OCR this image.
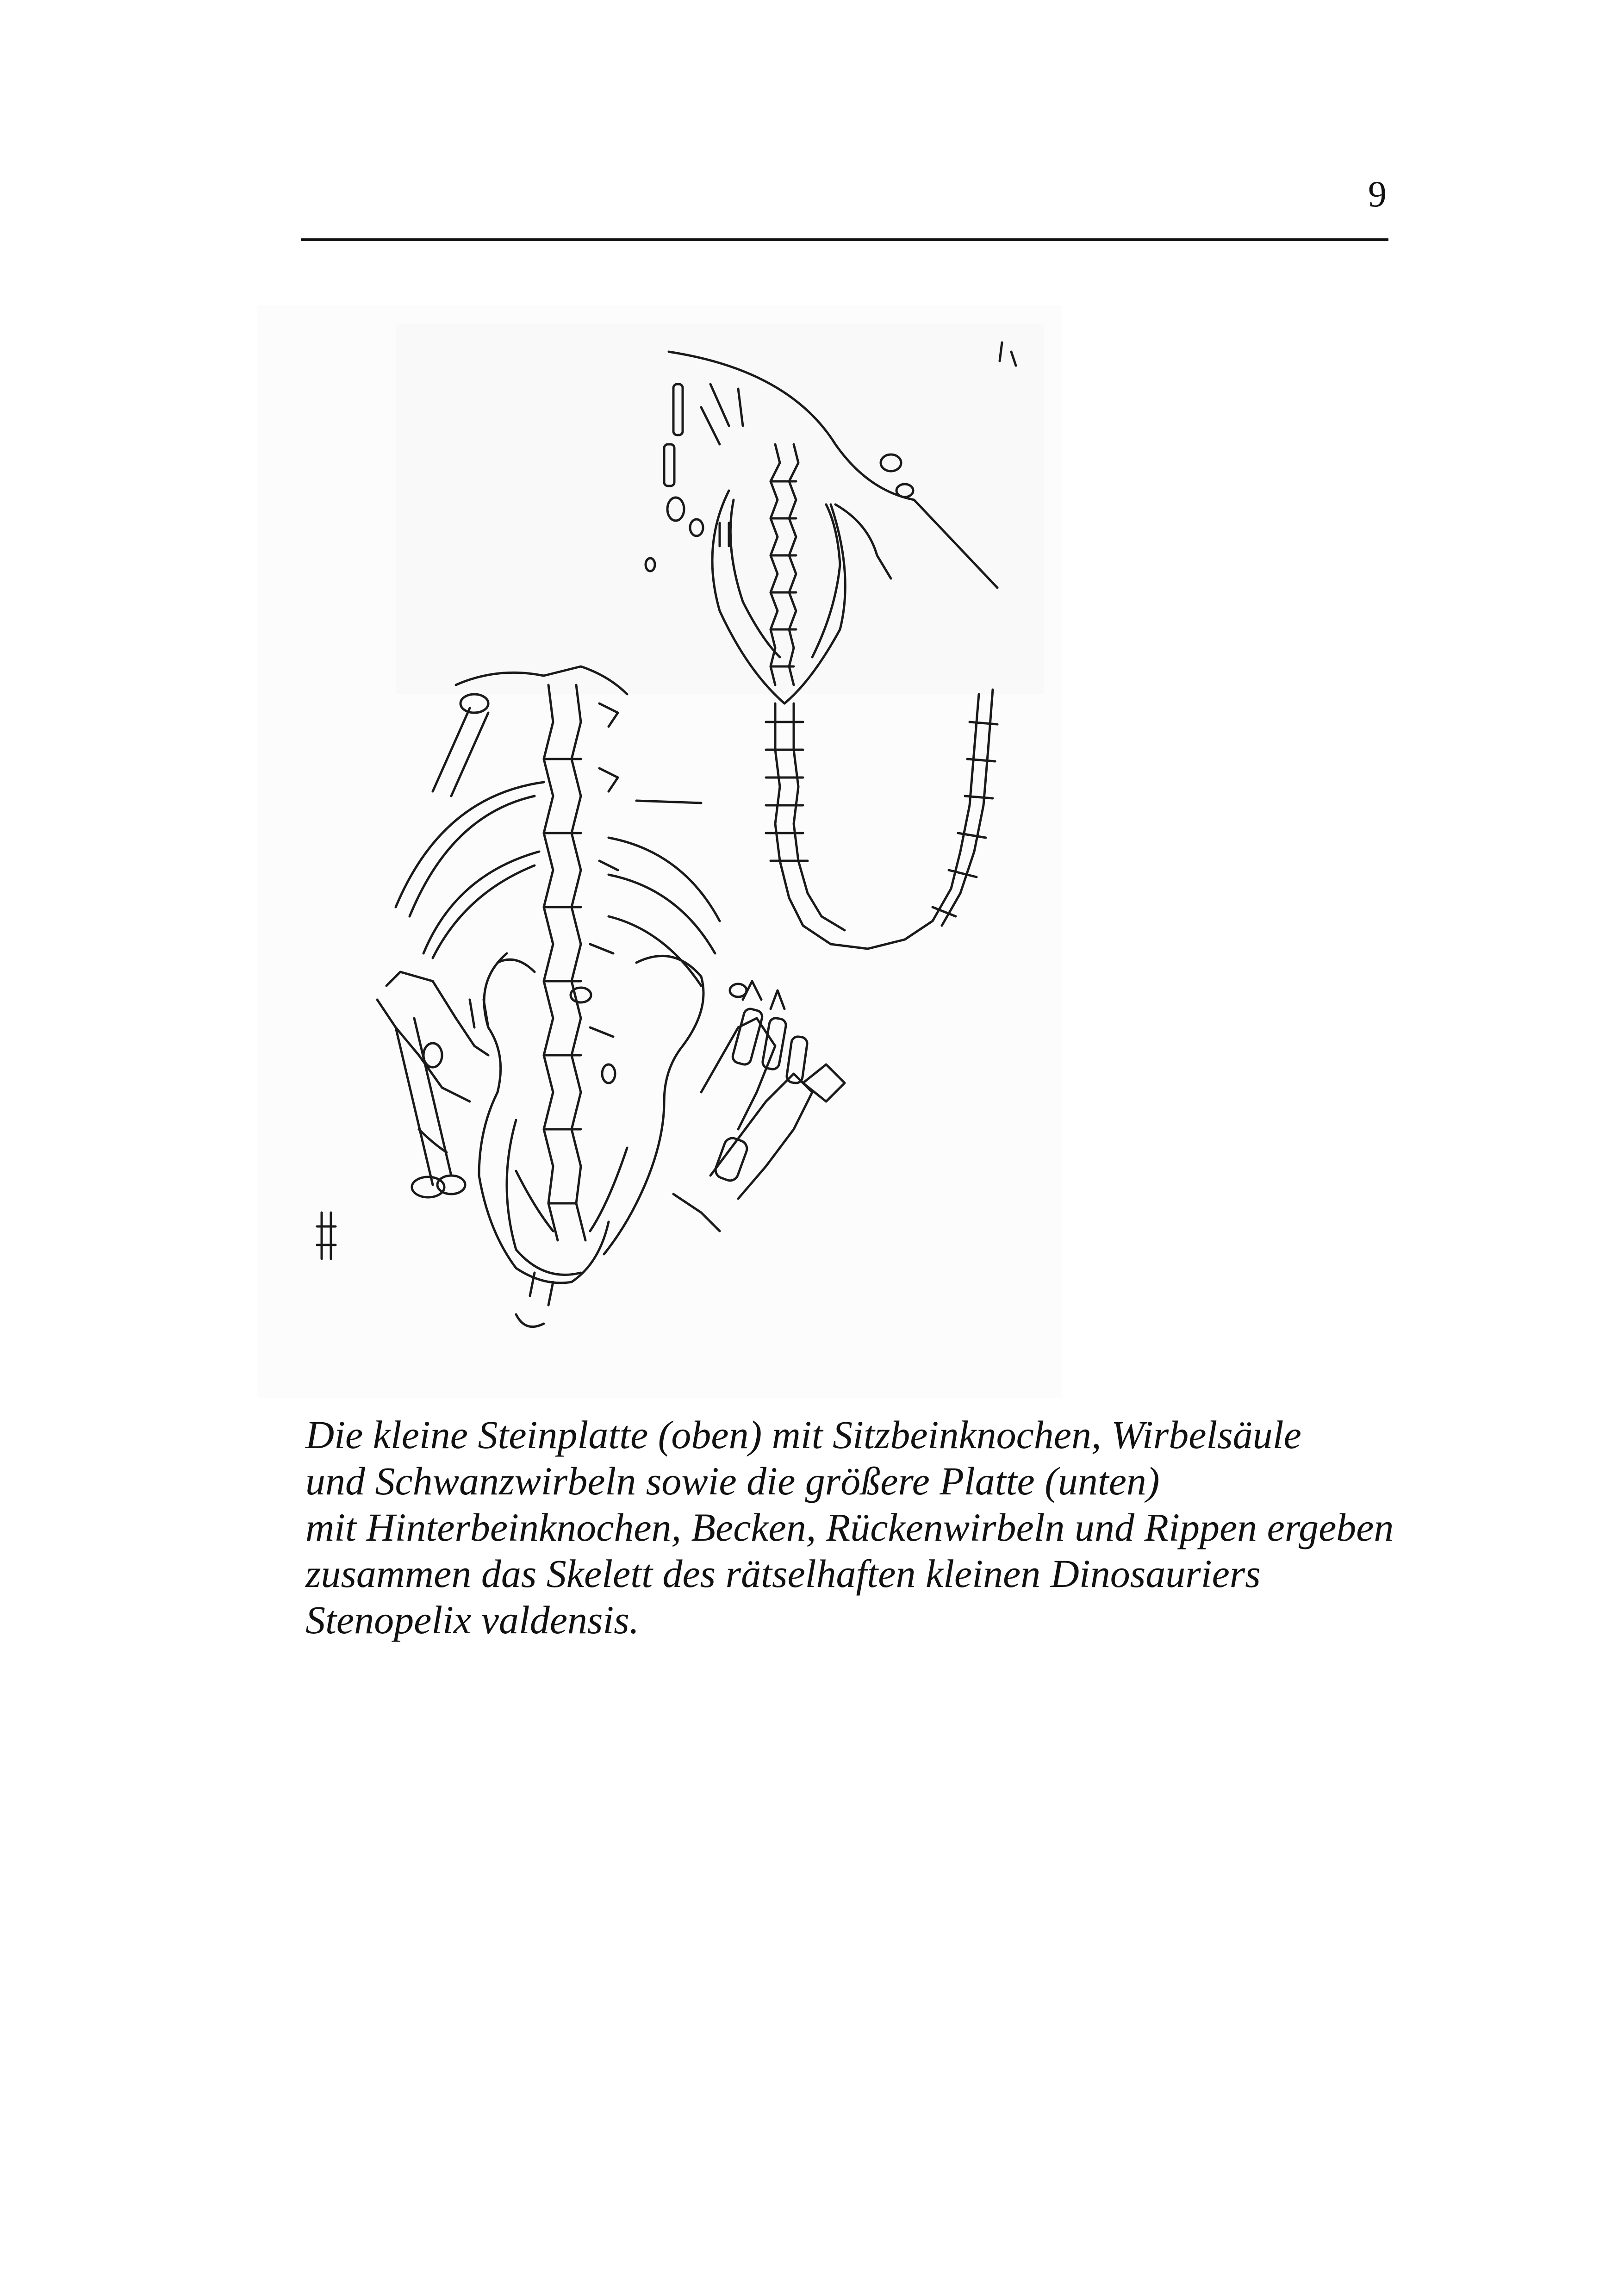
9
Die kleine Steinplatte (oben) mit Sitzbeinknochen, Wirbelsäule
und Schwanzwirbeln sowie die größere Platte (unten)
mit Hinterbeinknochen, Becken, Rückenwirbeln und Rippen ergeben
zusammen das Skelett des rätselhaften kleinen Dinosauriers
Stenopelix valdensis.
